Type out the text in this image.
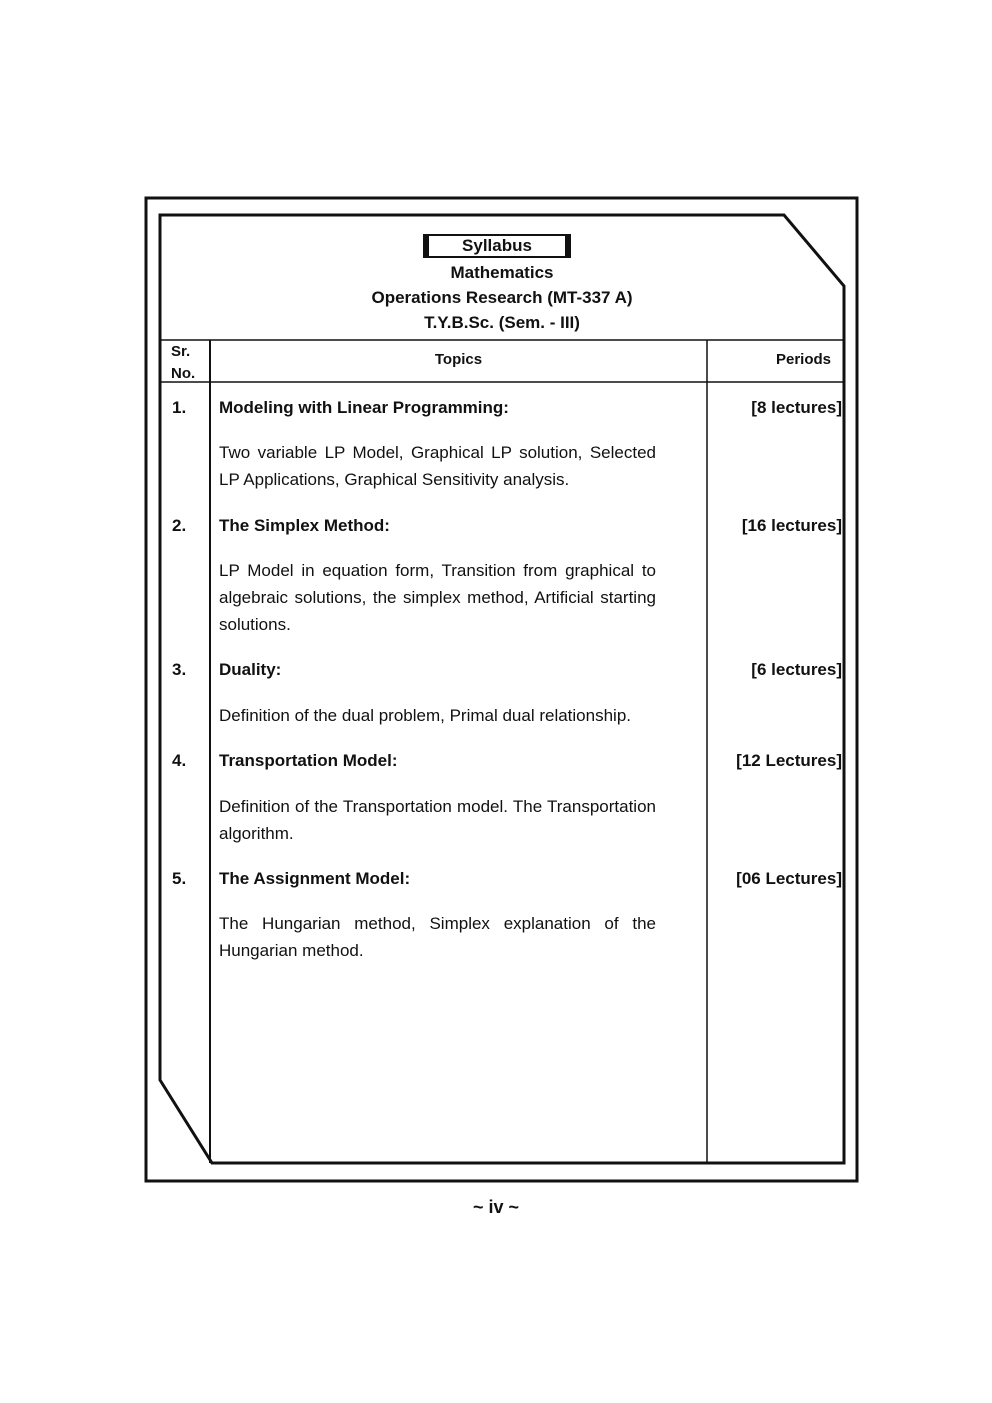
Syllabus
Mathematics
Operations Research (MT-337 A)
T.Y.B.Sc. (Sem. - III)
Sr. No.
Topics	Periods
1. Modeling with Linear Programming:	[8 lectures]
Two variable LP Model, Graphical LP solution, Selected LP Applications, Graphical Sensitivity analysis.
2. The Simplex Method:	[16 lectures]
LP Model in equation form, Transition from graphical to algebraic solutions, the simplex method, Artificial starting solutions.
3. Duality:	[6 lectures]
Definition of the dual problem, Primal dual relationship.
4. Transportation Model:	[12 Lectures]
Definition of the Transportation model. The Transportation algorithm.
5. The Assignment Model:	[06 Lectures]
The Hungarian method, Simplex explanation of the Hungarian method.
~ iv ~
